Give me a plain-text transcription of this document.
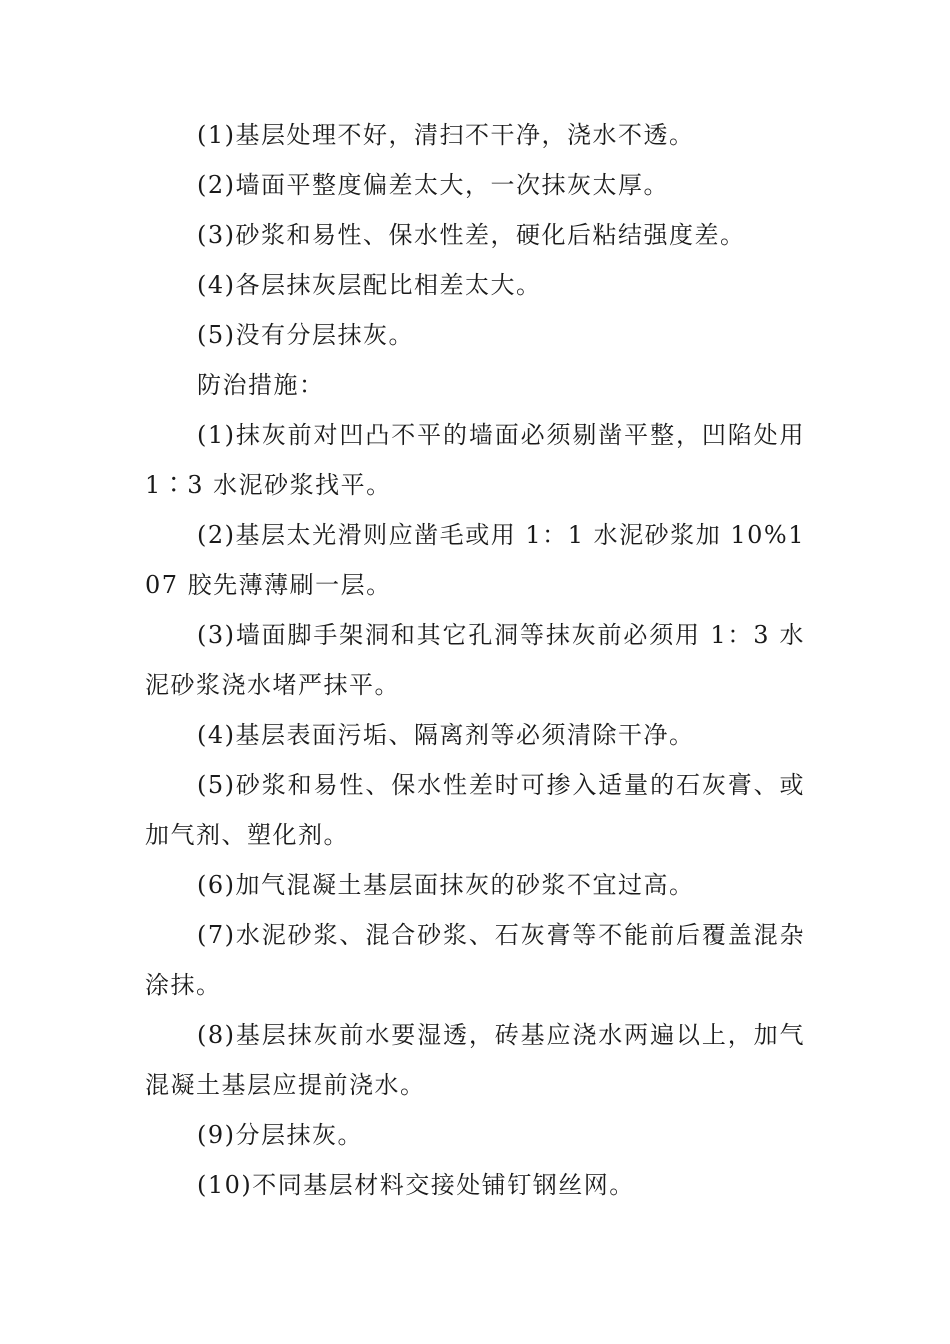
(1)基层处理不好，清扫不干净，浇水不透。

(2)墙面平整度偏差太大，一次抹灰太厚。

(3)砂浆和易性、保水性差，硬化后粘结强度差。

(4)各层抹灰层配比相差太大。

(5)没有分层抹灰。

防治措施：

(1)抹灰前对凹凸不平的墙面必须剔凿平整，凹陷处用 1∶3 水泥砂浆找平。

(2)基层太光滑则应凿毛或用 1：1 水泥砂浆加 10%107 胶先薄薄刷一层。

(3)墙面脚手架洞和其它孔洞等抹灰前必须用 1：3 水泥砂浆浇水堵严抹平。

(4)基层表面污垢、隔离剂等必须清除干净。

(5)砂浆和易性、保水性差时可掺入适量的石灰膏、或加气剂、塑化剂。

(6)加气混凝土基层面抹灰的砂浆不宜过高。

(7)水泥砂浆、混合砂浆、石灰膏等不能前后覆盖混杂涂抹。

(8)基层抹灰前水要湿透，砖基应浇水两遍以上，加气混凝土基层应提前浇水。

(9)分层抹灰。

(10)不同基层材料交接处铺钉钢丝网。
